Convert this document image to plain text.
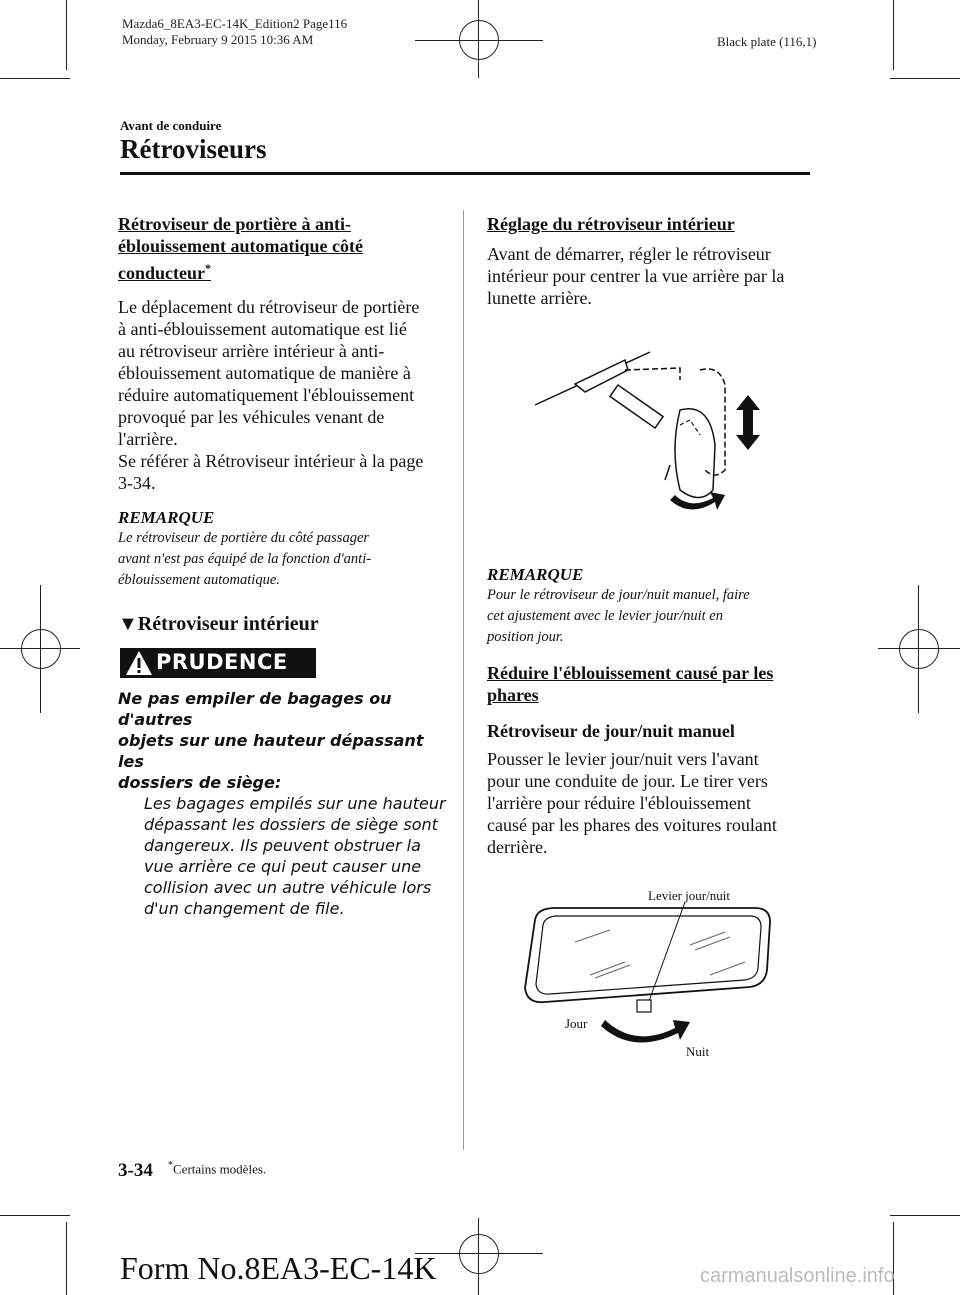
Mazda6_8EA3-EC-14K_Edition2 Page116
Monday, February 9 2015 10:36 AM	Black plate (116,1)
Avant de conduire
Rétroviseurs
Rétroviseur de portière à anti-
éblouissement automatique côté
conducteur*
Le déplacement du rétroviseur de portière
à anti-éblouissement automatique est lié
au rétroviseur arrière intérieur à anti-
éblouissement automatique de manière à
réduire automatiquement l'éblouissement
provoqué par les véhicules venant de
l'arrière.
Se référer à Rétroviseur intérieur à la page
3-34.
REMARQUE
Le rétroviseur de portière du côté passager
avant n'est pas équipé de la fonction d'anti-
éblouissement automatique.
▼Rétroviseur intérieur
PRUDENCE
Ne pas empiler de bagages ou d'autres
objets sur une hauteur dépassant les
dossiers de siège:
Les bagages empilés sur une hauteur
dépassant les dossiers de siège sont
dangereux. Ils peuvent obstruer la
vue arrière ce qui peut causer une
collision avec un autre véhicule lors
d'un changement de file.
Réglage du rétroviseur intérieur
Avant de démarrer, régler le rétroviseur
intérieur pour centrer la vue arrière par la
lunette arrière.
REMARQUE
Pour le rétroviseur de jour/nuit manuel, faire
cet ajustement avec le levier jour/nuit en
position jour.
Réduire l'éblouissement causé par les
phares
Rétroviseur de jour/nuit manuel
Pousser le levier jour/nuit vers l'avant
pour une conduite de jour. Le tirer vers
l'arrière pour réduire l'éblouissement
causé par les phares des voitures roulant
derrière.
Levier jour/nuit
Jour
Nuit
3-34 *Certains modèles.
Form No.8EA3-EC-14K	carmanualsonline.info
